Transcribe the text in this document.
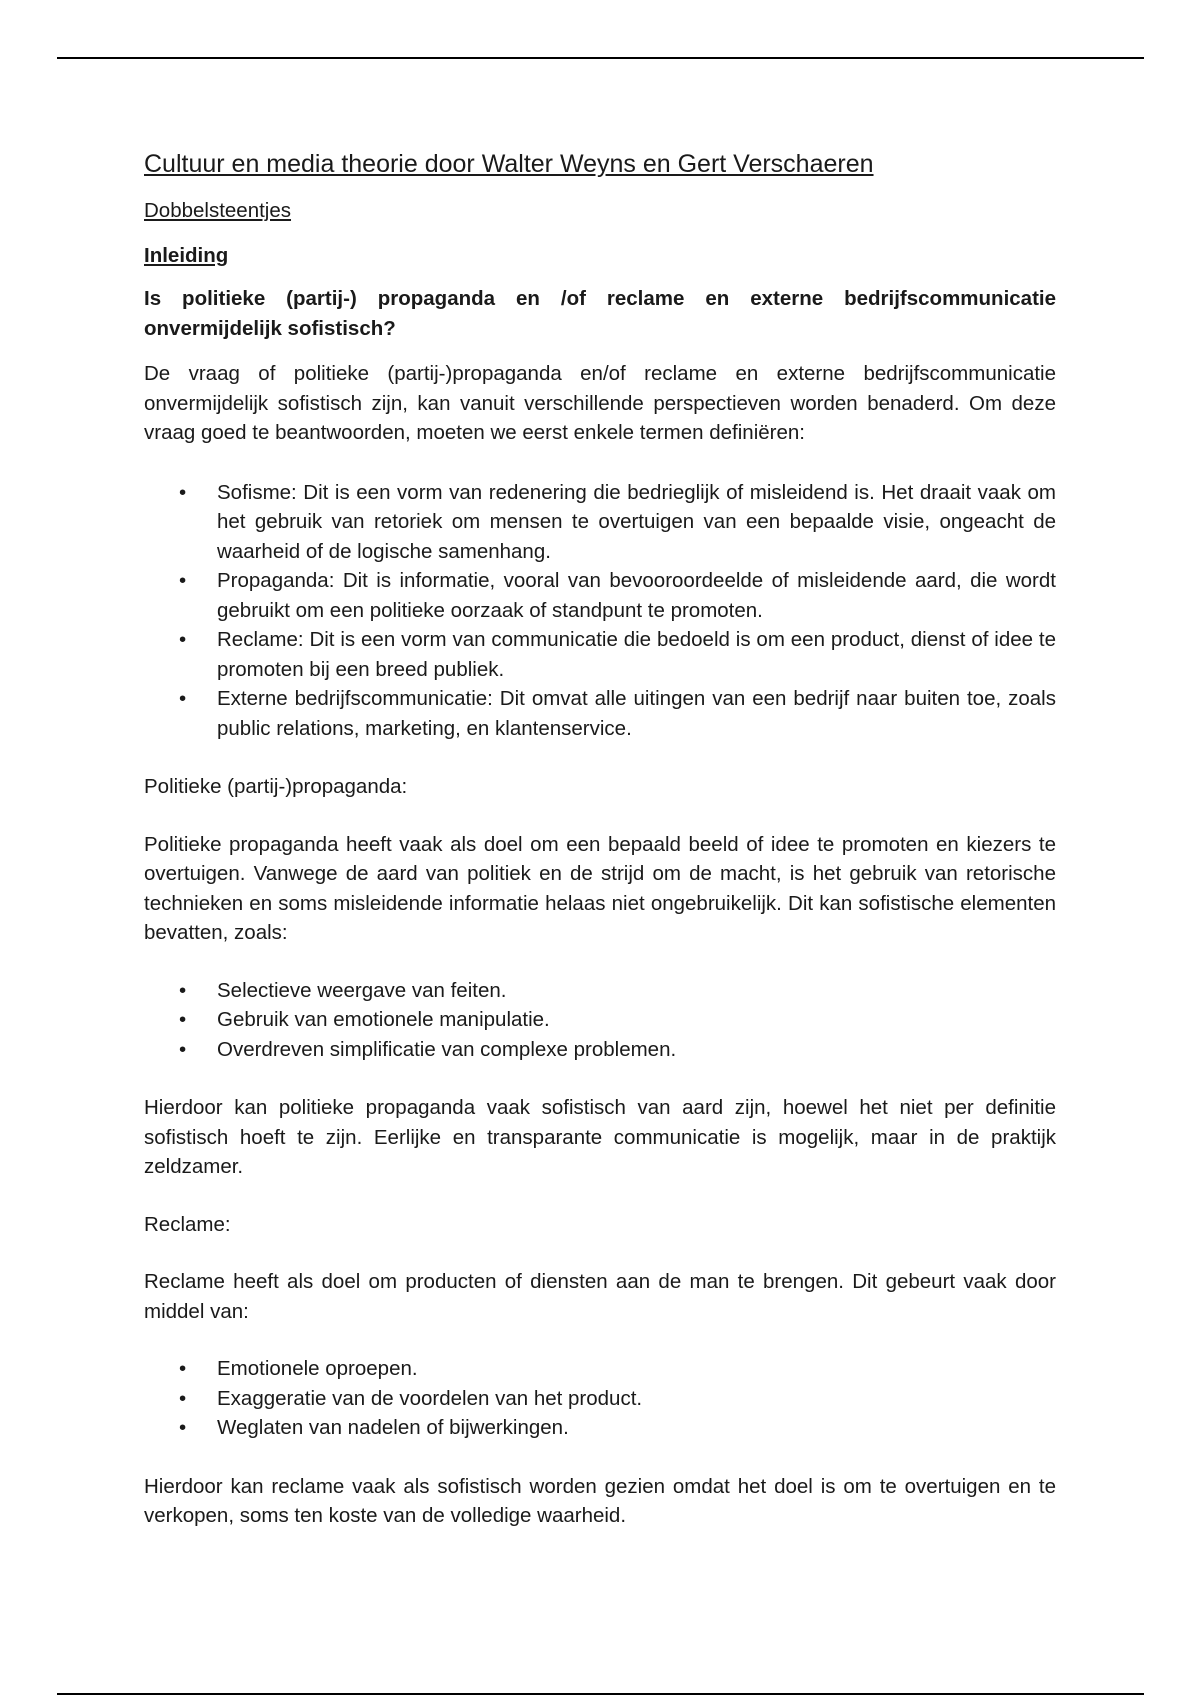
Cultuur en media theorie door Walter Weyns en Gert Verschaeren
Dobbelsteentjes
Inleiding
Is politieke (partij-) propaganda en /of reclame en externe bedrijfscommunicatie onvermijdelijk sofistisch?

De vraag of politieke (partij-)propaganda en/of reclame en externe bedrijfscommunicatie onvermijdelijk sofistisch zijn, kan vanuit verschillende perspectieven worden benaderd. Om deze vraag goed te beantwoorden, moeten we eerst enkele termen definiëren:

• Sofisme: Dit is een vorm van redenering die bedrieglijk of misleidend is. Het draait vaak om het gebruik van retoriek om mensen te overtuigen van een bepaalde visie, ongeacht de waarheid of de logische samenhang.
• Propaganda: Dit is informatie, vooral van bevooroordeelde of misleidende aard, die wordt gebruikt om een politieke oorzaak of standpunt te promoten.
• Reclame: Dit is een vorm van communicatie die bedoeld is om een product, dienst of idee te promoten bij een breed publiek.
• Externe bedrijfscommunicatie: Dit omvat alle uitingen van een bedrijf naar buiten toe, zoals public relations, marketing, en klantenservice.
Politieke (partij-)propaganda:

Politieke propaganda heeft vaak als doel om een bepaald beeld of idee te promoten en kiezers te overtuigen. Vanwege de aard van politiek en de strijd om de macht, is het gebruik van retorische technieken en soms misleidende informatie helaas niet ongebruikelijk. Dit kan sofistische elementen bevatten, zoals:

• Selectieve weergave van feiten.
• Gebruik van emotionele manipulatie.
• Overdreven simplificatie van complexe problemen.

Hierdoor kan politieke propaganda vaak sofistisch van aard zijn, hoewel het niet per definitie sofistisch hoeft te zijn. Eerlijke en transparante communicatie is mogelijk, maar in de praktijk zeldzamer.

Reclame:

Reclame heeft als doel om producten of diensten aan de man te brengen. Dit gebeurt vaak door middel van:

• Emotionele oproepen.
• Exaggeratie van de voordelen van het product.
• Weglaten van nadelen of bijwerkingen.

Hierdoor kan reclame vaak als sofistisch worden gezien omdat het doel is om te overtuigen en te verkopen, soms ten koste van de volledige waarheid.
